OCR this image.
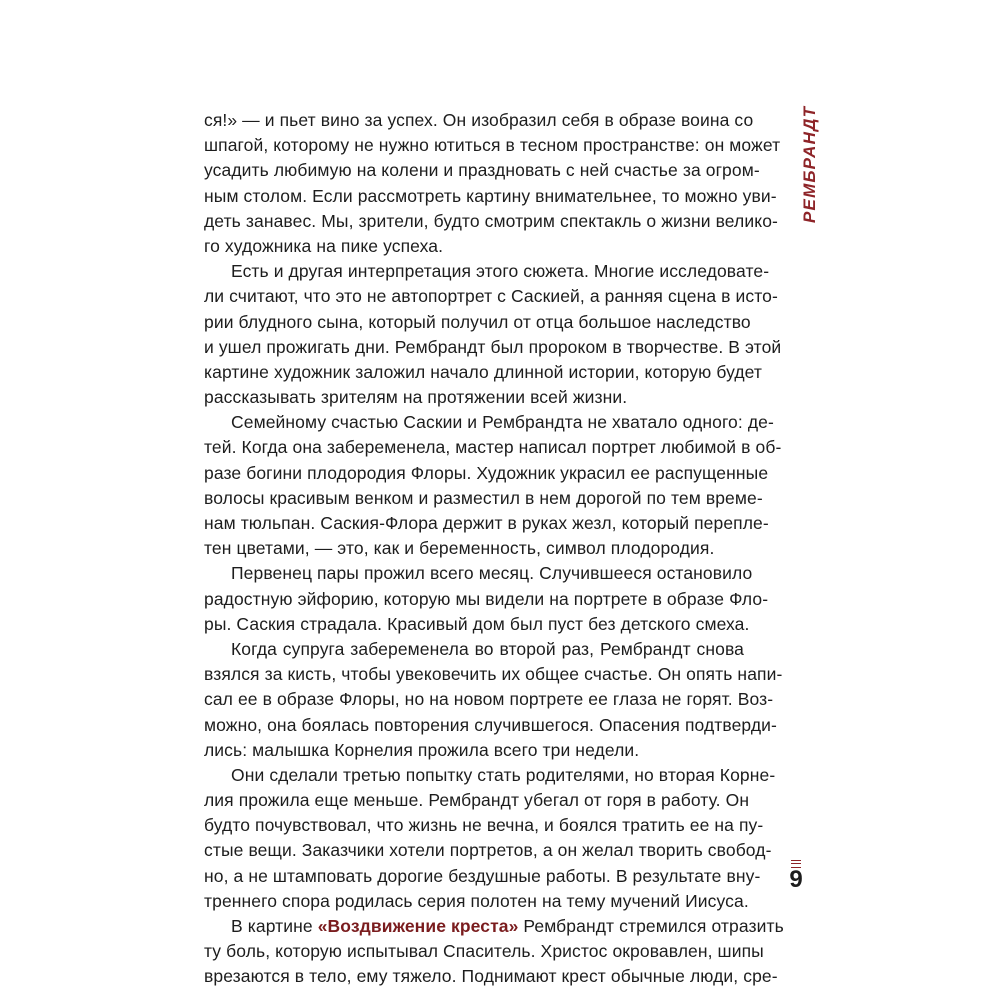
ся!» — и пьет вино за успех. Он изобразил себя в образе воина со
шпагой, которому не нужно ютиться в тесном пространстве: он может
усадить любимую на колени и праздновать с ней счастье за огром-
ным столом. Если рассмотреть картину внимательнее, то можно уви-
деть занавес. Мы, зрители, будто смотрим спектакль о жизни велико-
го художника на пике успеха.
Есть и другая интерпретация этого сюжета. Многие исследовате-
ли считают, что это не автопортрет с Саскией, а ранняя сцена в исто-
рии блудного сына, который получил от отца большое наследство
и ушел прожигать дни. Рембрандт был пророком в творчестве. В этой
картине художник заложил начало длинной истории, которую будет
рассказывать зрителям на протяжении всей жизни.
Семейному счастью Саскии и Рембрандта не хватало одного: де-
тей. Когда она забеременела, мастер написал портрет любимой в об-
разе богини плодородия Флоры. Художник украсил ее распущенные
волосы красивым венком и разместил в нем дорогой по тем време-
нам тюльпан. Саския-Флора держит в руках жезл, который переплe-
тен цветами, — это, как и беременность, символ плодородия.
Первенец пары прожил всего месяц. Случившееся остановило
радостную эйфорию, которую мы видели на портрете в образе Фло-
ры. Саския страдала. Красивый дом был пуст без детского смеха.
Когда супруга забеременела во второй раз, Рембрандт снова
взялся за кисть, чтобы увековечить их общее счастье. Он опять напи-
сал ее в образе Флоры, но на новом портрете ее глаза не горят. Воз-
можно, она боялась повторения случившегося. Опасения подтверди-
лись: малышка Корнелия прожила всего три недели.
Они сделали третью попытку стать родителями, но вторая Корне-
лия прожила еще меньше. Рембрандт убегал от горя в работу. Он
будто почувствовал, что жизнь не вечна, и боялся тратить ее на пу-
стые вещи. Заказчики хотели портретов, а он желал творить свобод-
но, а не штамповать дорогие бездушные работы. В результате вну-
треннего спора родилась серия полотен на тему мучений Иисуса.
В картине «Воздвижение креста» Рембрандт стремился отразить
ту боль, которую испытывал Спаситель. Христос окровавлен, шипы
врезаются в тело, ему тяжело. Поднимают крест обычные люди, сре-
РЕМБРАНДТ
9
